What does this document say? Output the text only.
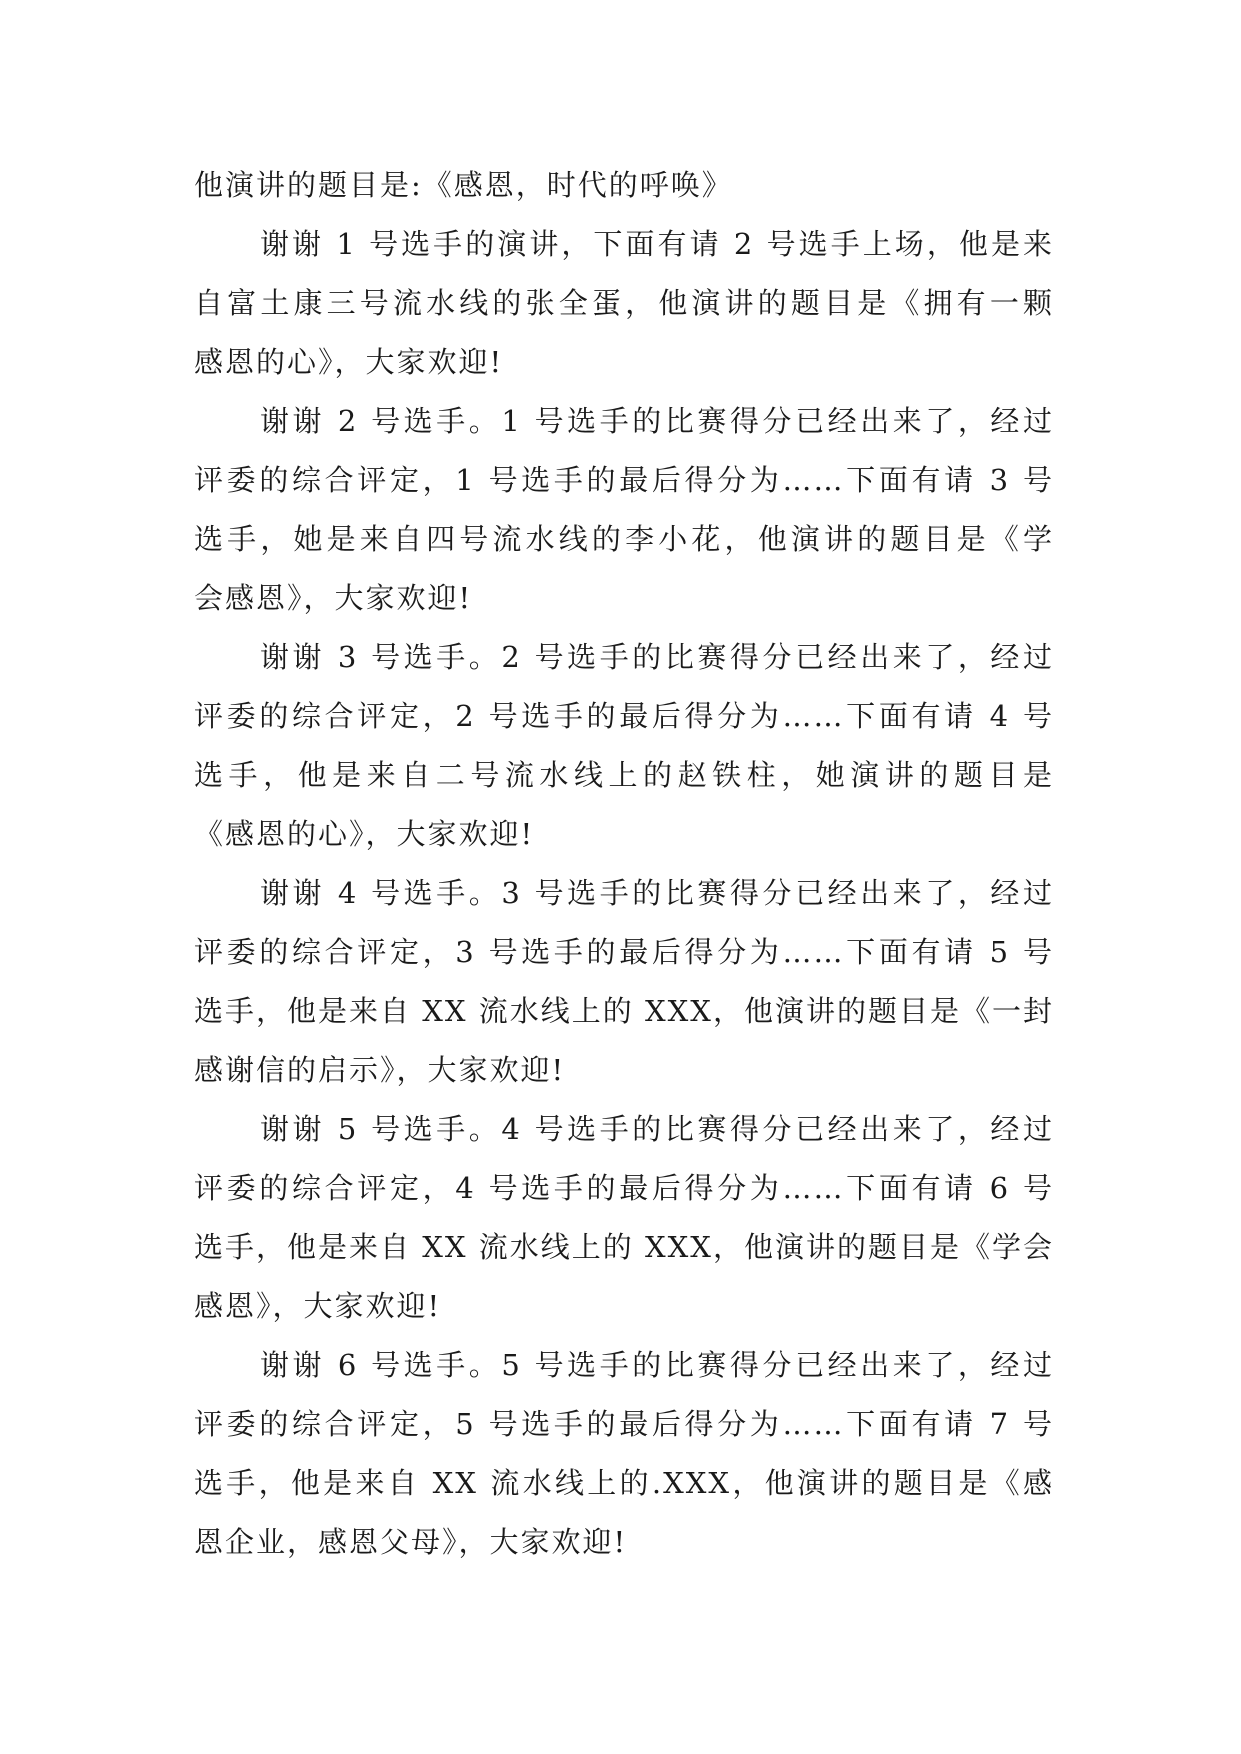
他演讲的题目是:《感恩，时代的呼唤》
谢谢 1 号选手的演讲，下面有请 2 号选手上场，他是来
自富土康三号流水线的张全蛋，他演讲的题目是《拥有一颗
感恩的心》，大家欢迎!
谢谢 2 号选手。1 号选手的比赛得分已经出来了，经过
评委的综合评定，1 号选手的最后得分为……下面有请 3 号
选手，她是来自四号流水线的李小花，他演讲的题目是《学
会感恩》，大家欢迎!
谢谢 3 号选手。2 号选手的比赛得分已经出来了，经过
评委的综合评定，2 号选手的最后得分为……下面有请 4 号
选手，他是来自二号流水线上的赵铁柱，她演讲的题目是
《感恩的心》，大家欢迎!
谢谢 4 号选手。3 号选手的比赛得分已经出来了，经过
评委的综合评定，3 号选手的最后得分为……下面有请 5 号
选手，他是来自 XX 流水线上的 XXX，他演讲的题目是《一封
感谢信的启示》，大家欢迎!
谢谢 5 号选手。4 号选手的比赛得分已经出来了，经过
评委的综合评定，4 号选手的最后得分为……下面有请 6 号
选手，他是来自 XX 流水线上的 XXX，他演讲的题目是《学会
感恩》，大家欢迎!
谢谢 6 号选手。5 号选手的比赛得分已经出来了，经过
评委的综合评定，5 号选手的最后得分为……下面有请 7 号
选手，他是来自 XX 流水线上的.XXX，他演讲的题目是《感
恩企业，感恩父母》，大家欢迎!
